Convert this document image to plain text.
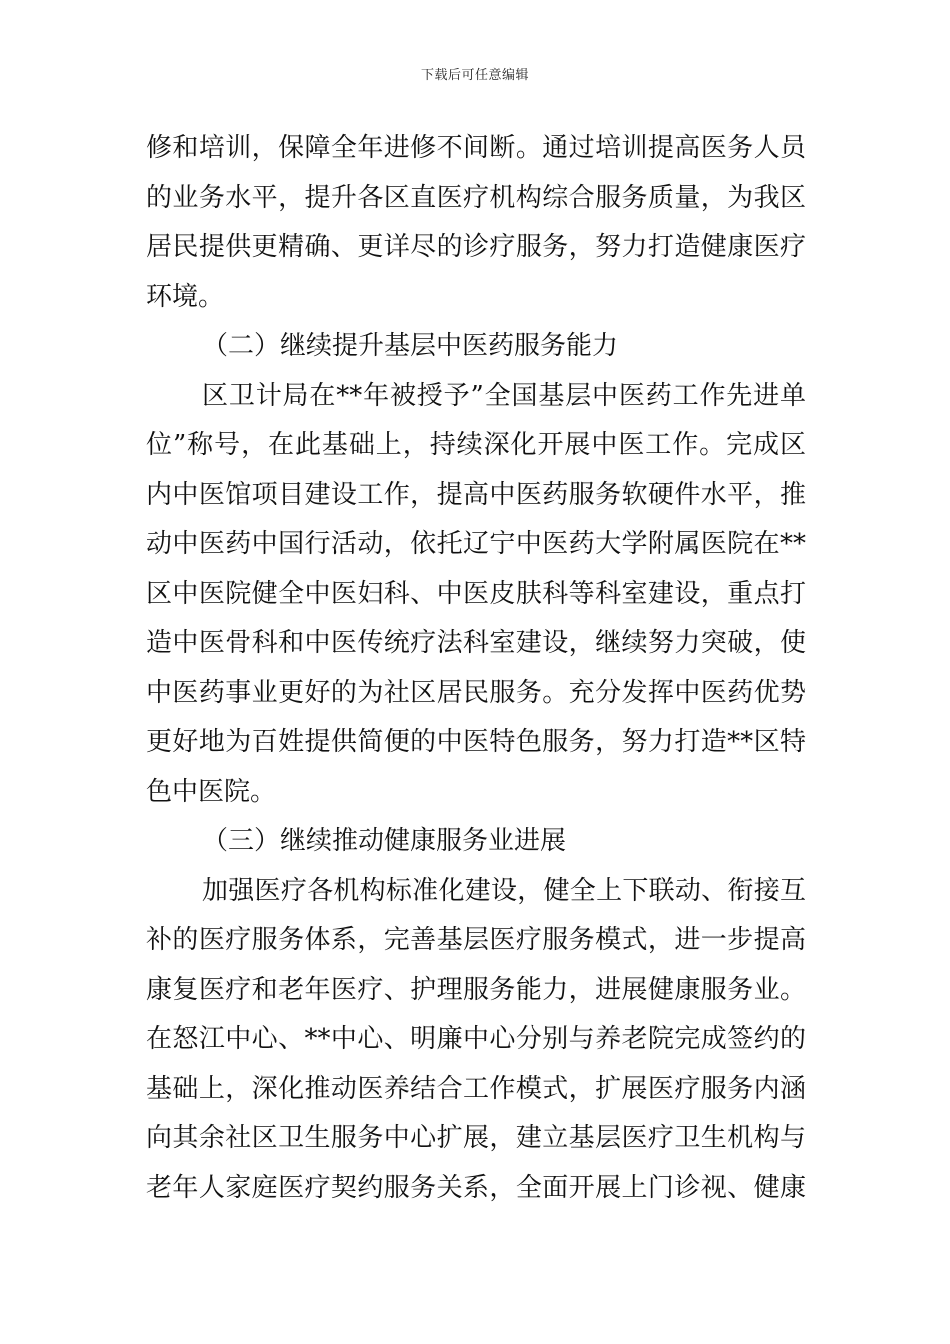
下载后可任意编辑
修和培训，保障全年进修不间断。通过培训提高医务人员
的业务水平，提升各区直医疗机构综合服务质量，为我区
居民提供更精确、更详尽的诊疗服务，努力打造健康医疗
环境。
（二）继续提升基层中医药服务能力
区卫计局在**年被授予”全国基层中医药工作先进单
位”称号，在此基础上，持续深化开展中医工作。完成区
内中医馆项目建设工作，提高中医药服务软硬件水平，推
动中医药中国行活动，依托辽宁中医药大学附属医院在**
区中医院健全中医妇科、中医皮肤科等科室建设，重点打
造中医骨科和中医传统疗法科室建设，继续努力突破，使
中医药事业更好的为社区居民服务。充分发挥中医药优势
更好地为百姓提供简便的中医特色服务，努力打造**区特
色中医院。
（三）继续推动健康服务业进展
加强医疗各机构标准化建设，健全上下联动、衔接互
补的医疗服务体系，完善基层医疗服务模式，进一步提高
康复医疗和老年医疗、护理服务能力，进展健康服务业。
在怒江中心、**中心、明廉中心分别与养老院完成签约的
基础上，深化推动医养结合工作模式，扩展医疗服务内涵
向其余社区卫生服务中心扩展，建立基层医疗卫生机构与
老年人家庭医疗契约服务关系，全面开展上门诊视、健康
